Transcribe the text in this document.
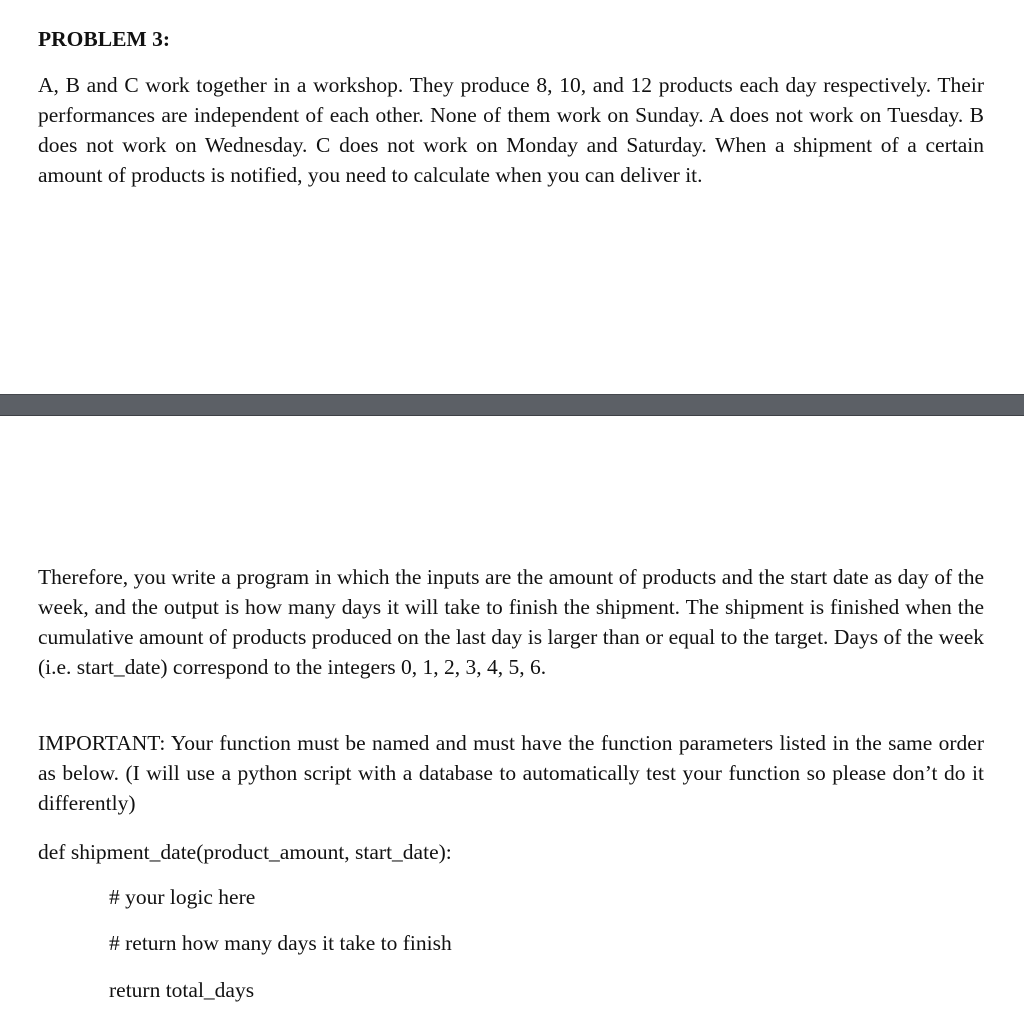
PROBLEM 3:

A, B and C work together in a workshop. They produce 8, 10, and 12 products each day respectively. Their performances are independent of each other. None of them work on Sunday. A does not work on Tuesday. B does not work on Wednesday. C does not work on Monday and Saturday. When a shipment of a certain amount of products is notified, you need to calculate when you can deliver it.

Therefore, you write a program in which the inputs are the amount of products and the start date as day of the week, and the output is how many days it will take to finish the shipment. The shipment is finished when the cumulative amount of products produced on the last day is larger than or equal to the target. Days of the week (i.e. start_date) correspond to the integers 0, 1, 2, 3, 4, 5, 6.

IMPORTANT: Your function must be named and must have the function parameters listed in the same order as below. (I will use a python script with a database to automatically test your function so please don’t do it differently)

def shipment_date(product_amount, start_date):
# your logic here
# return how many days it take to finish
return total_days
